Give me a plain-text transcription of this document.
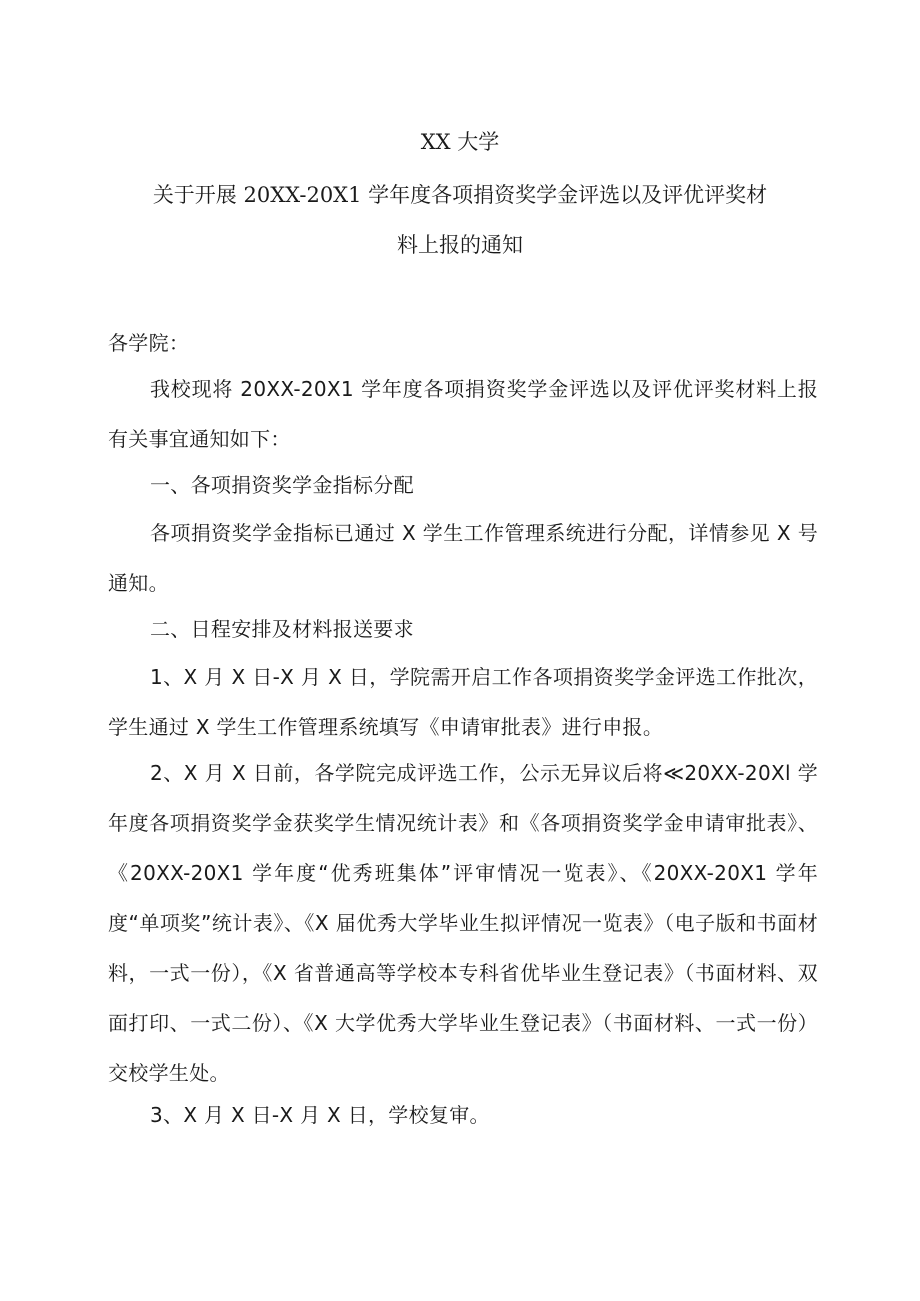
XX 大学
关于开展 20XX-20X1 学年度各项捐资奖学金评选以及评优评奖材
料上报的通知
各学院：
我校现将 20XX-20X1 学年度各项捐资奖学金评选以及评优评奖材料上报有关事宜通知如下：
一、各项捐资奖学金指标分配
各项捐资奖学金指标已通过 X 学生工作管理系统进行分配，详情参见 X 号通知。
二、日程安排及材料报送要求
1、X 月 X 日-X 月 X 日，学院需开启工作各项捐资奖学金评选工作批次，学生通过 X 学生工作管理系统填写《申请审批表》进行申报。
2、X 月 X 日前，各学院完成评选工作，公示无异议后将≪20XX-20Xl 学年度各项捐资奖学金获奖学生情况统计表》和《各项捐资奖学金申请审批表》、《20XX-20X1 学年度“优秀班集体”评审情况一览表》、《20XX-20X1 学年度“单项奖”统计表》、《X 届优秀大学毕业生拟评情况一览表》（电子版和书面材料，一式一份），《X 省普通高等学校本专科省优毕业生登记表》（书面材料、双面打印、一式二份）、《X 大学优秀大学毕业生登记表》（书面材料、一式一份）交校学生处。
3、X 月 X 日-X 月 X 日，学校复审。
